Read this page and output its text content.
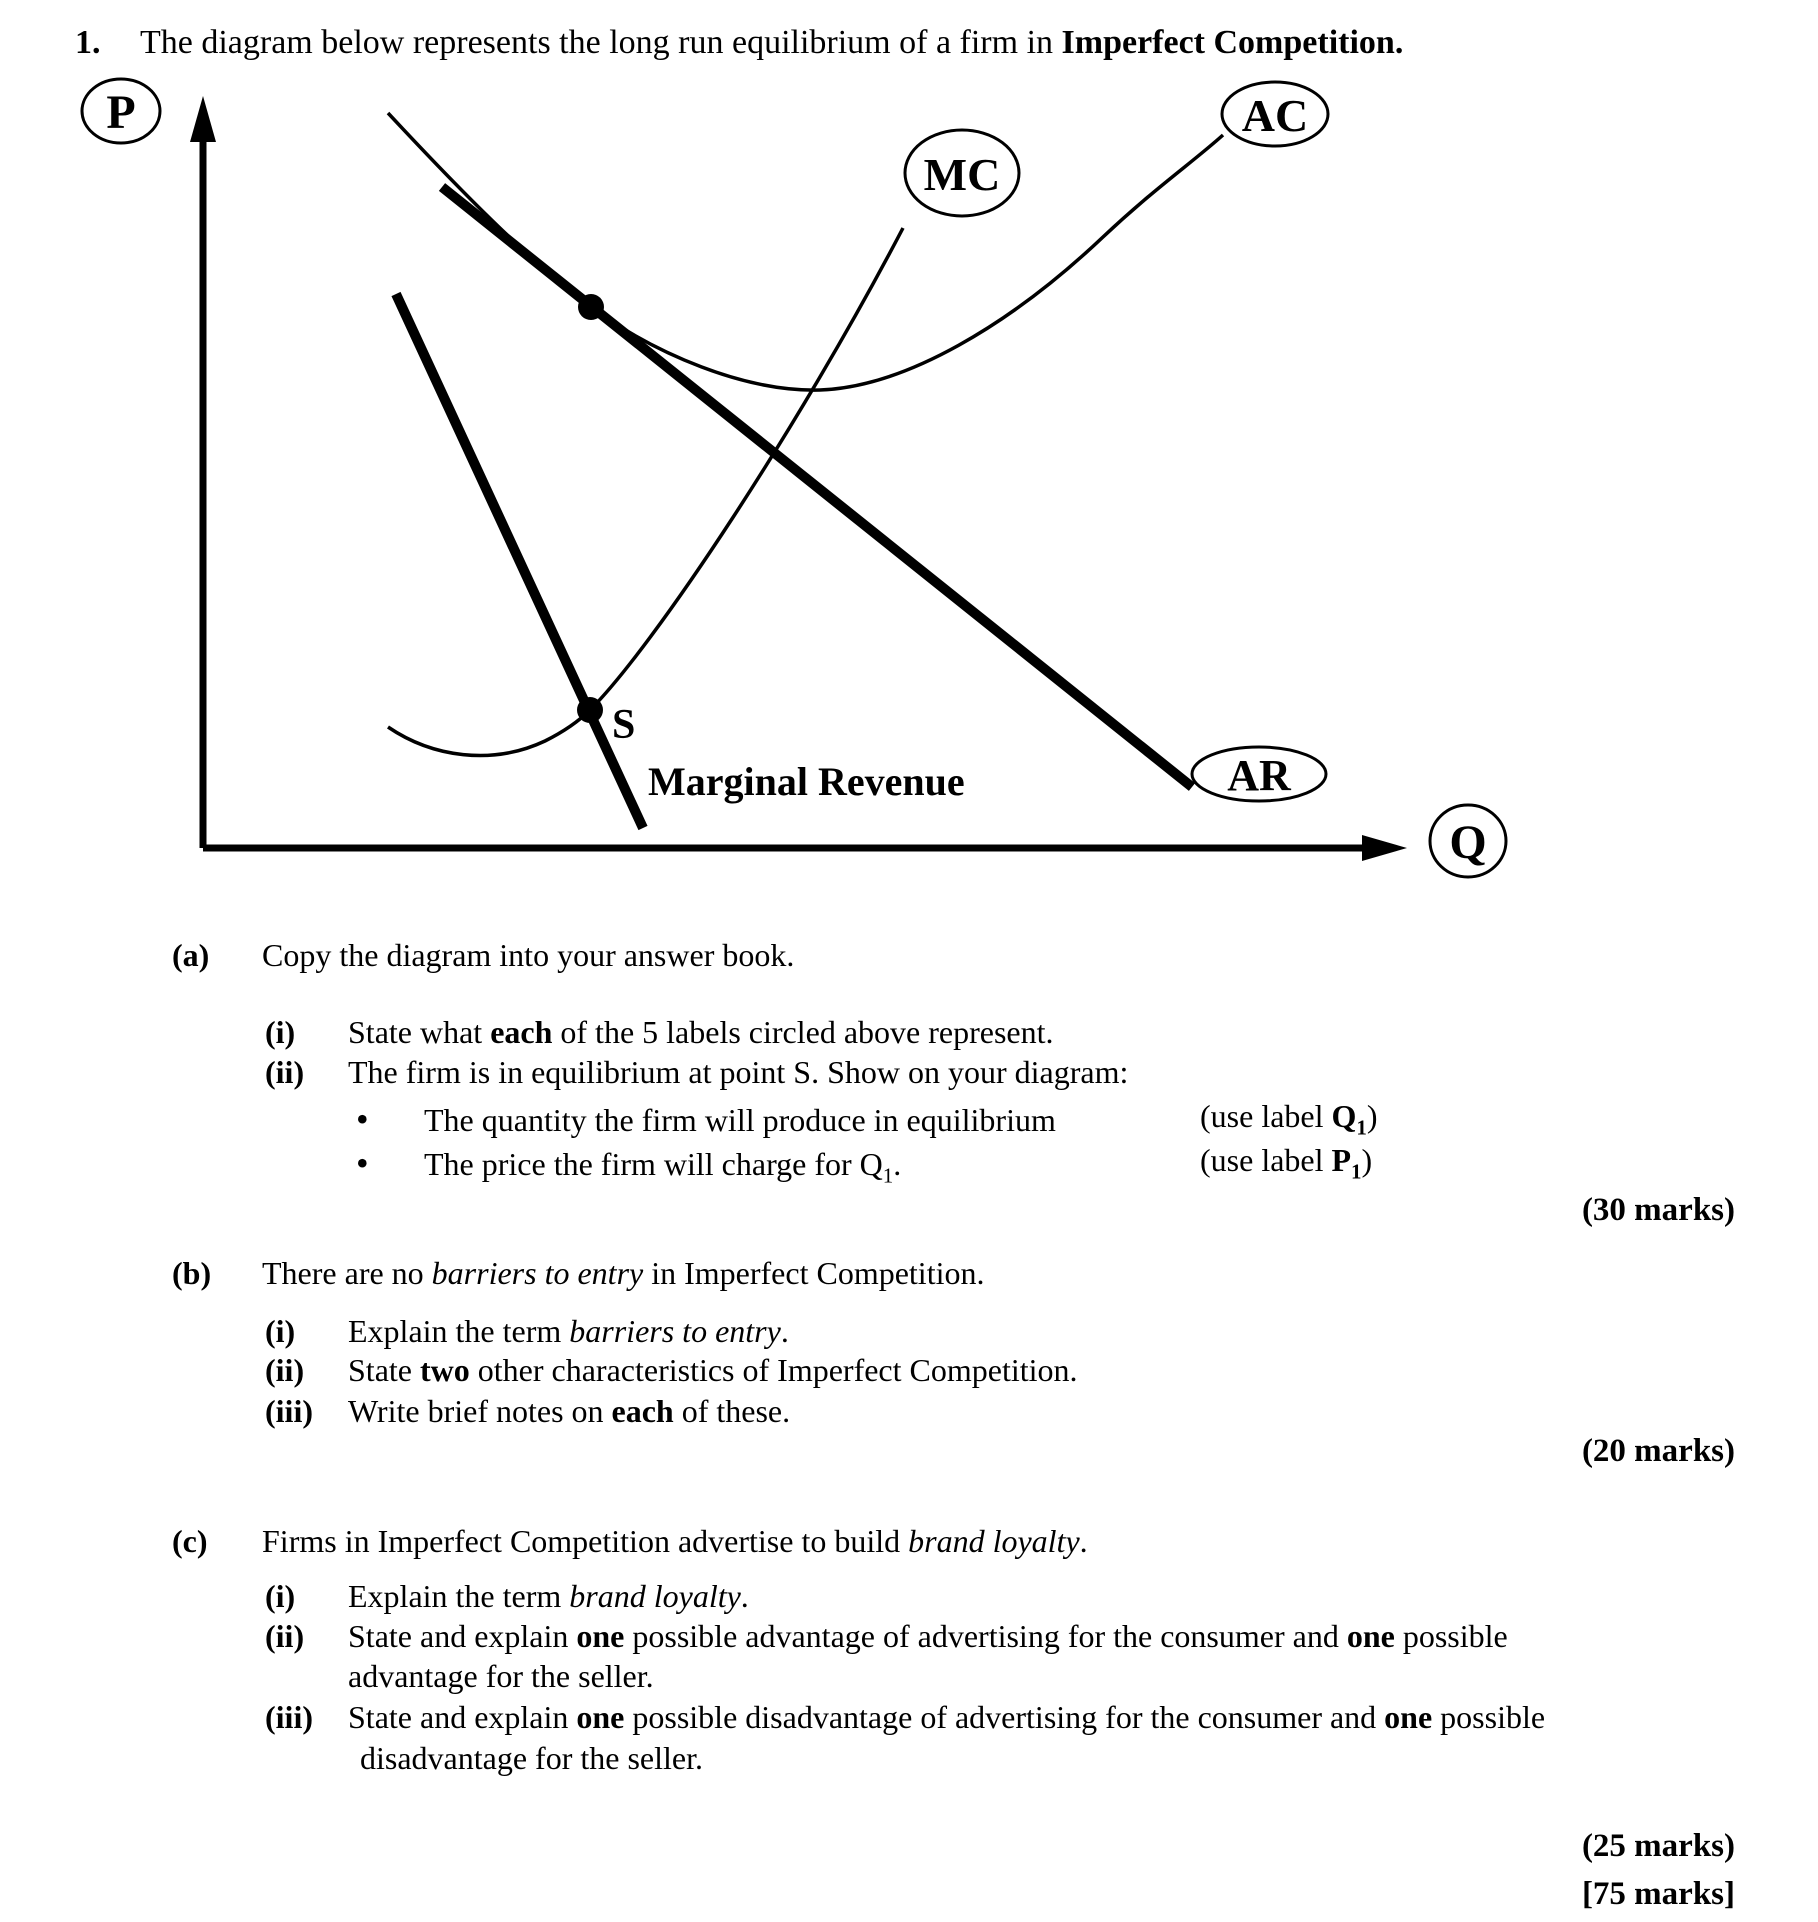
1. The diagram below represents the long run equilibrium of a firm in Imperfect Competition.
S
Marginal Revenue
P
MC
AC
AR
Q
(a) Copy the diagram into your answer book.
(i) State what each of the 5 labels circled above represent.
(ii) The firm is in equilibrium at point S. Show on your diagram:
• The quantity the firm will produce in equilibrium	(use label $Q_1$)
• The price the firm will charge for $Q_1$.	(use label $P_1$)
(30 marks)
(b) There are no barriers to entry in Imperfect Competition.
(i) Explain the term barriers to entry.
(ii) State two other characteristics of Imperfect Competition.
(iii) Write brief notes on each of these.
(20 marks)
(c) Firms in Imperfect Competition advertise to build brand loyalty.
(i) Explain the term brand loyalty.
(ii) State and explain one possible advantage of advertising for the consumer and one possible
advantage for the seller.
(iii) State and explain one possible disadvantage of advertising for the consumer and one possible
disadvantage for the seller.
(25 marks)
[75 marks]
